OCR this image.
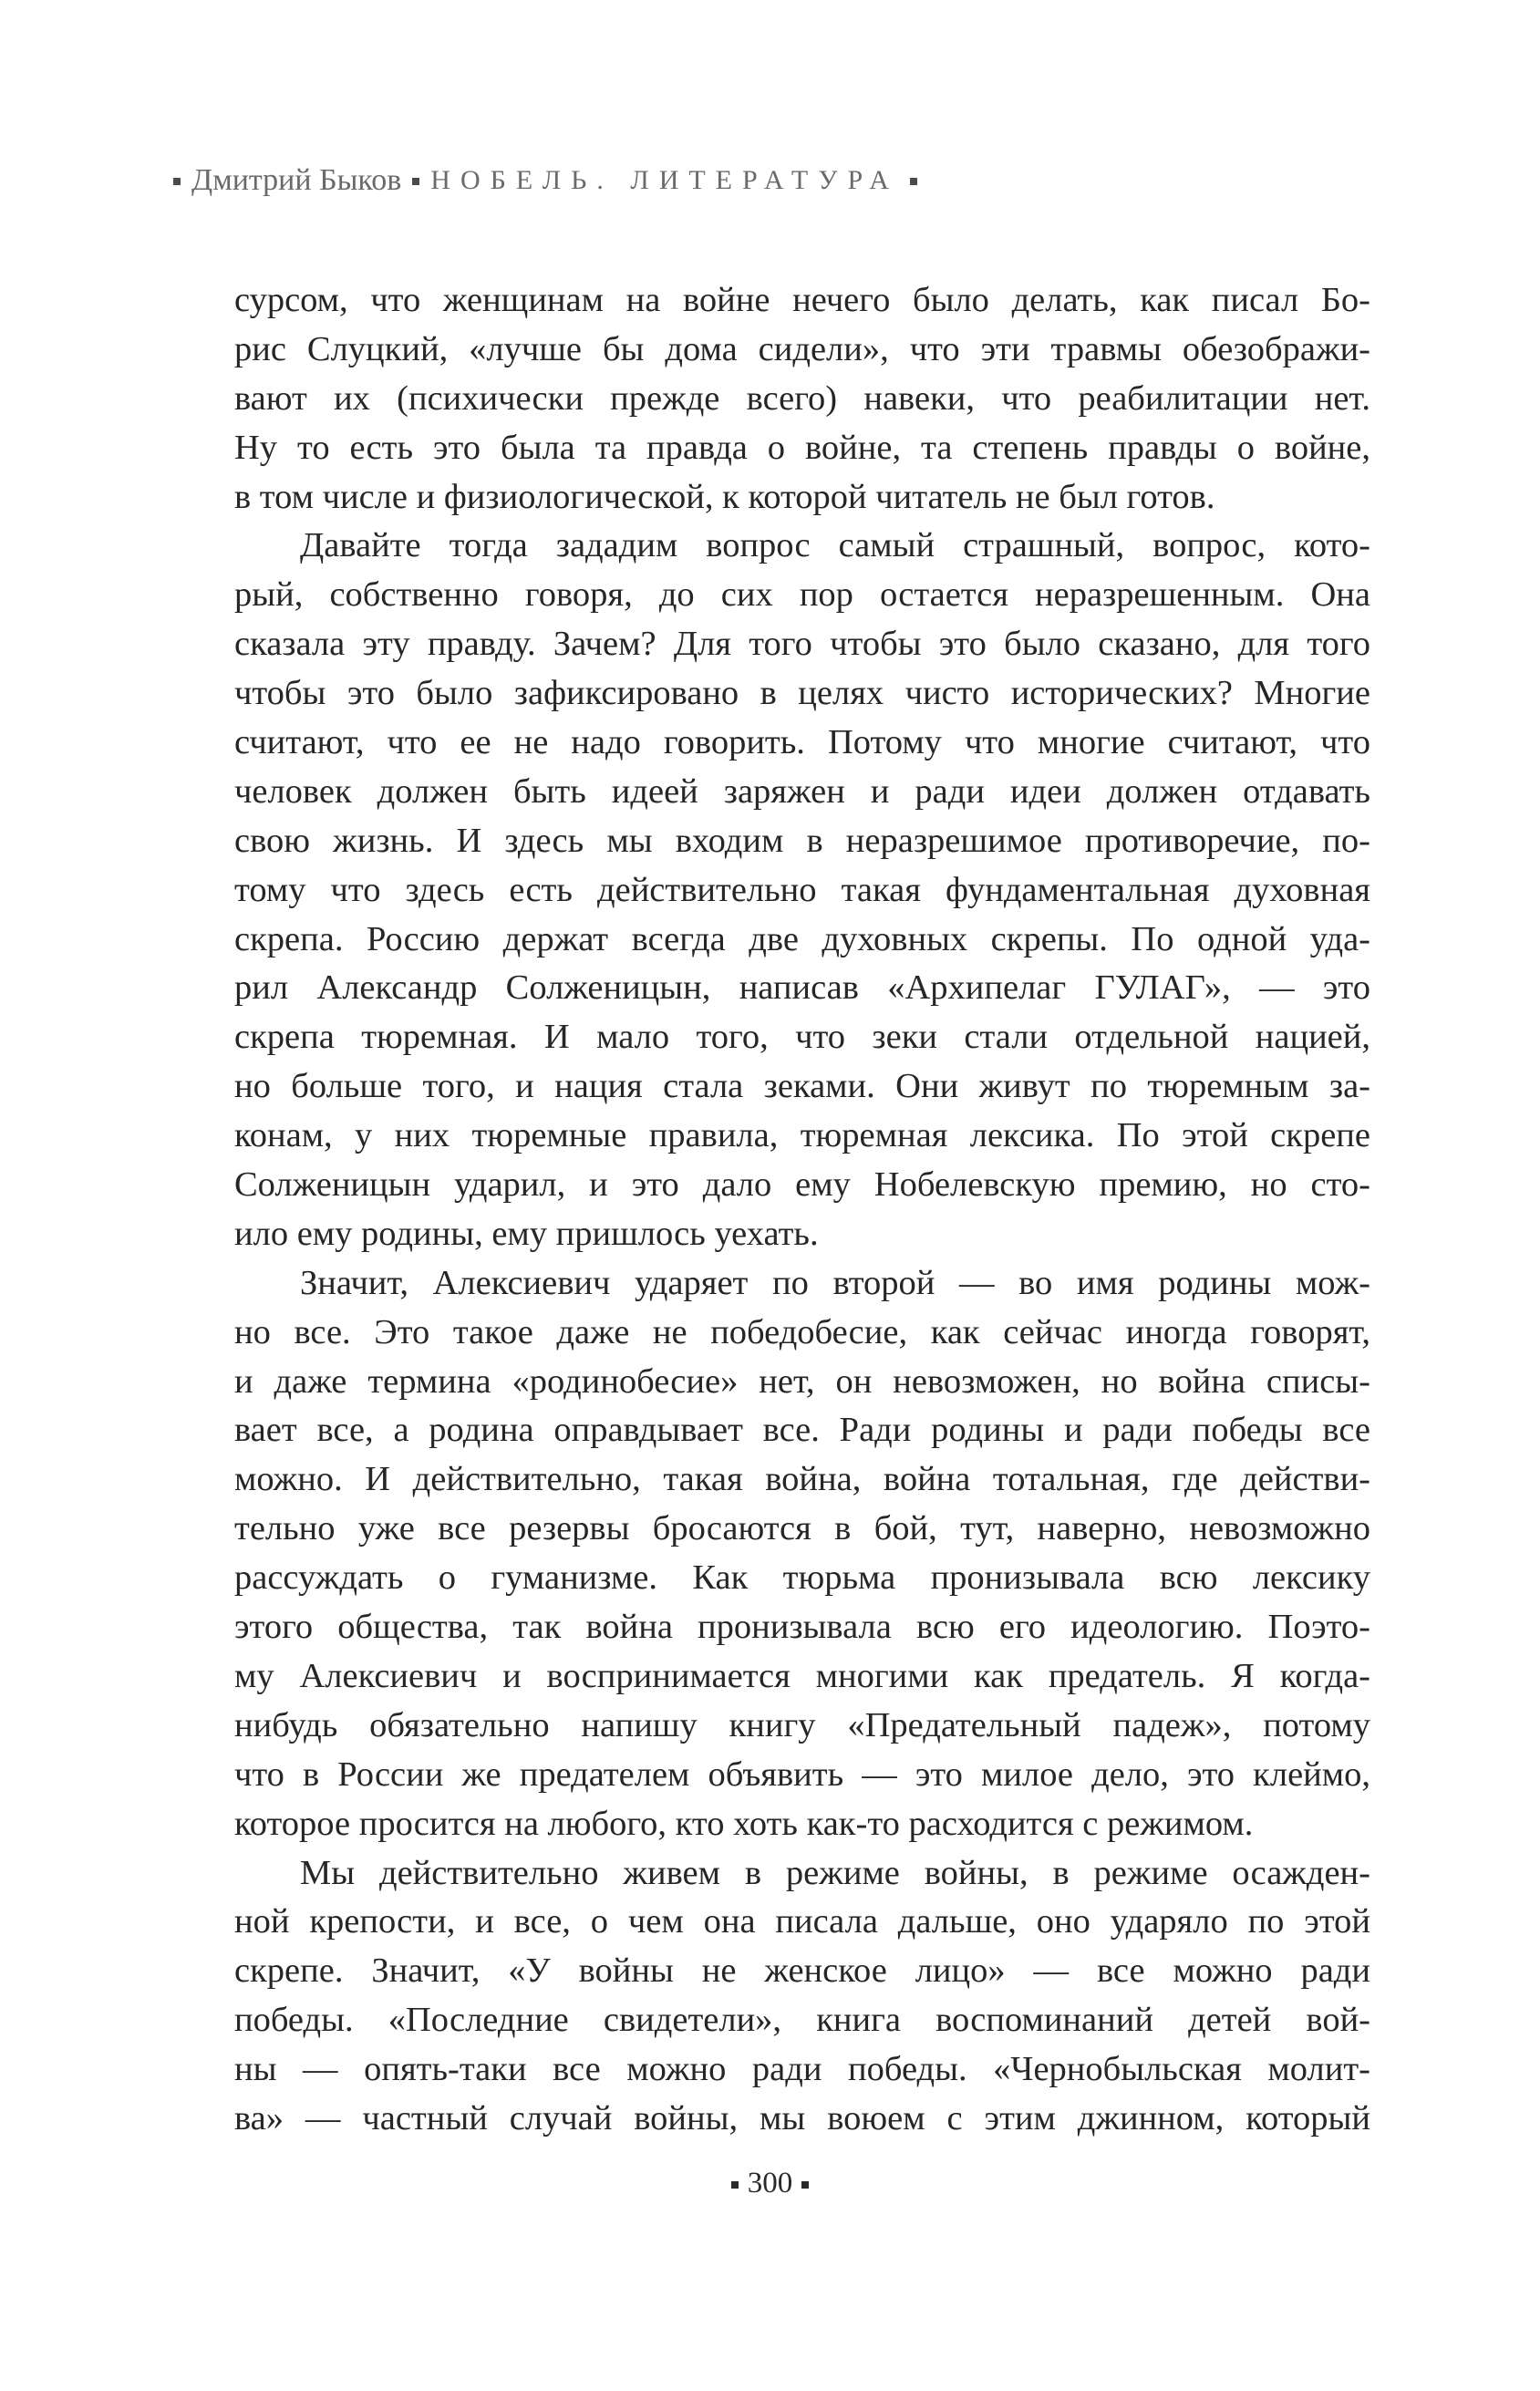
Дмитрий Быков НОБЕЛЬ. ЛИТЕРАТУРА
сурсом, что женщинам на войне нечего было делать, как писал Бо-
рис Слуцкий, «лучше бы дома сидели», что эти травмы обезображи-
вают их (психически прежде всего) навеки, что реабилитации нет.
Ну то есть это была та правда о войне, та степень правды о войне,
в том числе и физиологической, к которой читатель не был готов.
Давайте тогда зададим вопрос самый страшный, вопрос, кото-
рый, собственно говоря, до сих пор остается неразрешенным. Она
сказала эту правду. Зачем? Для того чтобы это было сказано, для того
чтобы это было зафиксировано в целях чисто исторических? Многие
считают, что ее не надо говорить. Потому что многие считают, что
человек должен быть идеей заряжен и ради идеи должен отдавать
свою жизнь. И здесь мы входим в неразрешимое противоречие, по-
тому что здесь есть действительно такая фундаментальная духовная
скрепа. Россию держат всегда две духовных скрепы. По одной уда-
рил Александр Солженицын, написав «Архипелаг ГУЛАГ», — это
скрепа тюремная. И мало того, что зеки стали отдельной нацией,
но больше того, и нация стала зеками. Они живут по тюремным за-
конам, у них тюремные правила, тюремная лексика. По этой скрепе
Солженицын ударил, и это дало ему Нобелевскую премию, но сто-
ило ему родины, ему пришлось уехать.
Значит, Алексиевич ударяет по второй — во имя родины мож-
но все. Это такое даже не победобесие, как сейчас иногда говорят,
и даже термина «родинобесие» нет, он невозможен, но война списы-
вает все, а родина оправдывает все. Ради родины и ради победы все
можно. И действительно, такая война, война тотальная, где действи-
тельно уже все резервы бросаются в бой, тут, наверно, невозможно
рассуждать о гуманизме. Как тюрьма пронизывала всю лексику
этого общества, так война пронизывала всю его идеологию. Поэто-
му Алексиевич и воспринимается многими как предатель. Я когда-
нибудь обязательно напишу книгу «Предательный падеж», потому
что в России же предателем объявить — это милое дело, это клеймо,
которое просится на любого, кто хоть как-то расходится с режимом.
Мы действительно живем в режиме войны, в режиме осажден-
ной крепости, и все, о чем она писала дальше, оно ударяло по этой
скрепе. Значит, «У войны не женское лицо» — все можно ради
победы. «Последние свидетели», книга воспоминаний детей вой-
ны — опять-таки все можно ради победы. «Чернобыльская молит-
ва» — частный случай войны, мы воюем с этим джинном, который
300
